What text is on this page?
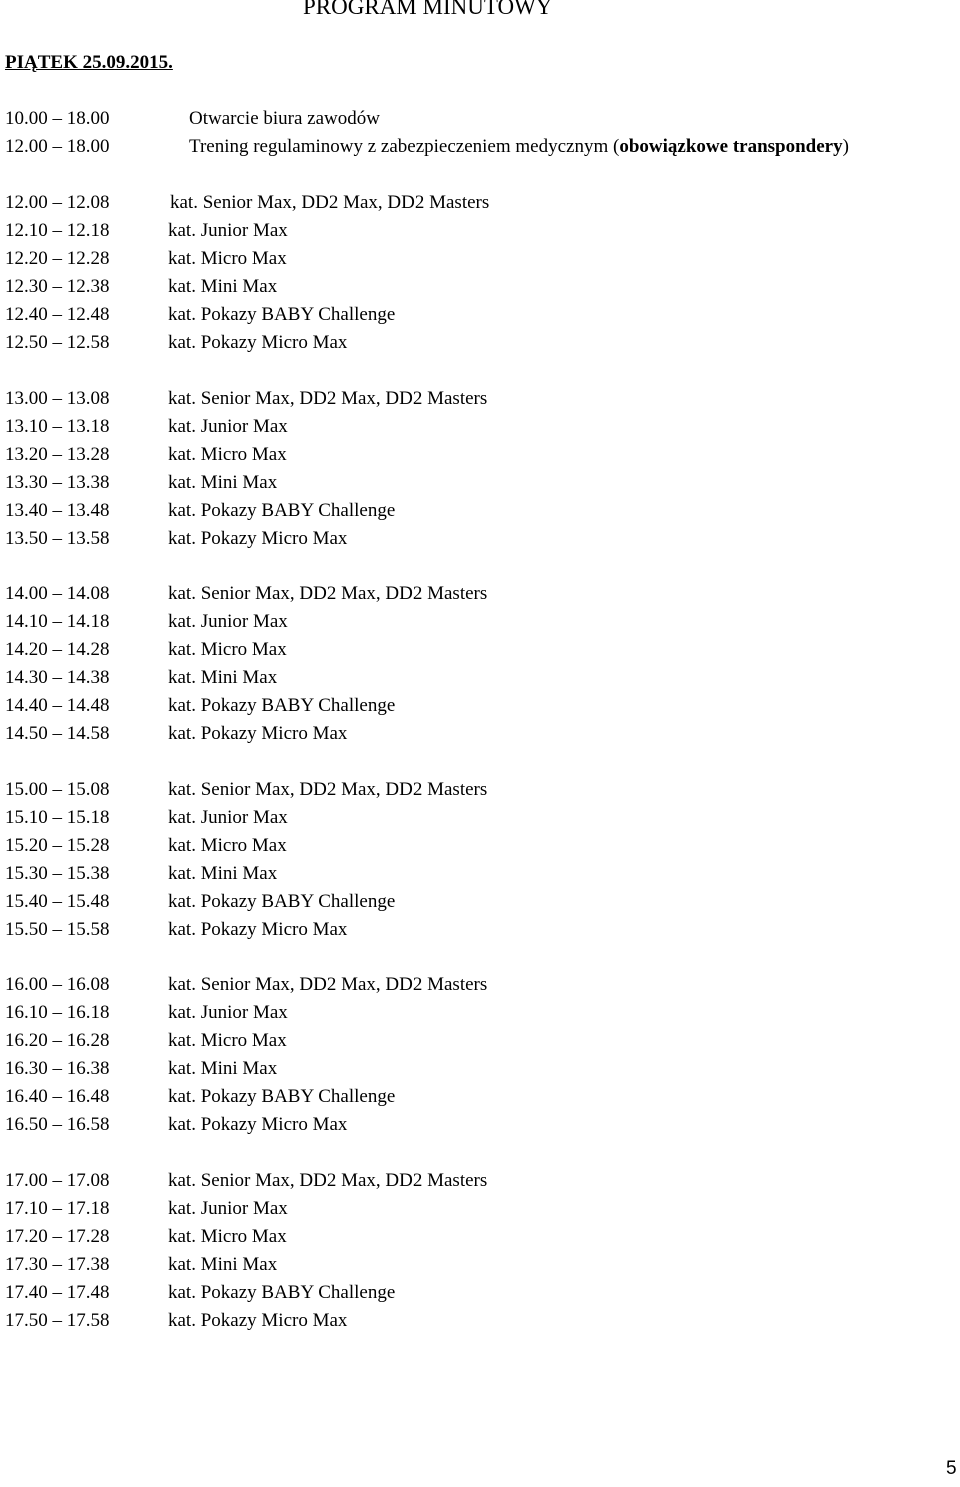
PROGRAM MINUTOWY
PIĄTEK 25.09.2015.
10.00 – 18.00	Otwarcie biura zawodów
12.00 – 18.00	Trening regulaminowy z zabezpieczeniem medycznym (obowiązkowe transpondery)
12.00 – 12.08	kat. Senior Max, DD2 Max, DD2 Masters
12.10 – 12.18	kat. Junior Max
12.20 – 12.28	kat. Micro Max
12.30 – 12.38	kat. Mini Max
12.40 – 12.48	kat. Pokazy BABY Challenge
12.50 – 12.58	kat. Pokazy Micro Max
13.00 – 13.08	kat. Senior Max, DD2 Max, DD2 Masters
13.10 – 13.18	kat. Junior Max
13.20 – 13.28	kat. Micro Max
13.30 – 13.38	kat. Mini Max
13.40 – 13.48	kat. Pokazy BABY Challenge
13.50 – 13.58	kat. Pokazy Micro Max
14.00 – 14.08	kat. Senior Max, DD2 Max, DD2 Masters
14.10 – 14.18	kat. Junior Max
14.20 – 14.28	kat. Micro Max
14.30 – 14.38	kat. Mini Max
14.40 – 14.48	kat. Pokazy BABY Challenge
14.50 – 14.58	kat. Pokazy Micro Max
15.00 – 15.08	kat. Senior Max, DD2 Max, DD2 Masters
15.10 – 15.18	kat. Junior Max
15.20 – 15.28	kat. Micro Max
15.30 – 15.38	kat. Mini Max
15.40 – 15.48	kat. Pokazy BABY Challenge
15.50 – 15.58	kat. Pokazy Micro Max
16.00 – 16.08	kat. Senior Max, DD2 Max, DD2 Masters
16.10 – 16.18	kat. Junior Max
16.20 – 16.28	kat. Micro Max
16.30 – 16.38	kat. Mini Max
16.40 – 16.48	kat. Pokazy BABY Challenge
16.50 – 16.58	kat. Pokazy Micro Max
17.00 – 17.08	kat. Senior Max, DD2 Max, DD2 Masters
17.10 – 17.18	kat. Junior Max
17.20 – 17.28	kat. Micro Max
17.30 – 17.38	kat. Mini Max
17.40 – 17.48	kat. Pokazy BABY Challenge
17.50 – 17.58	kat. Pokazy Micro Max
5
